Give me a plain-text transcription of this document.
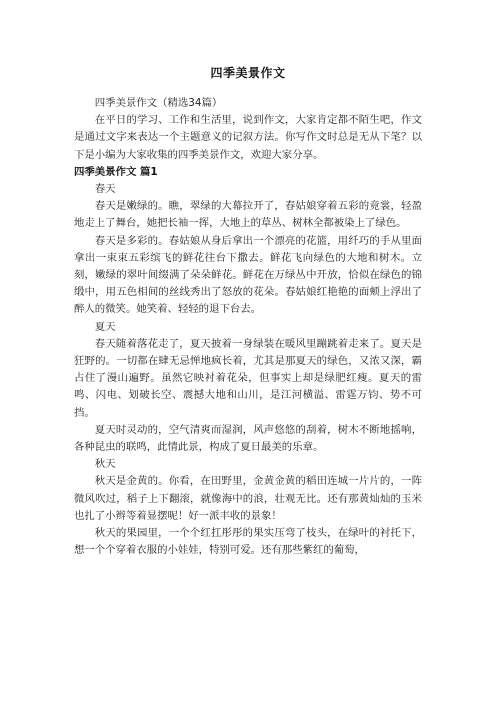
四季美景作文

四季美景作文（精选34篇）

在平日的学习、工作和生活里，说到作文，大家肯定都不陌生吧，作文是通过文字来表达一个主题意义的记叙方法。你写作文时总是无从下笔？以下是小编为大家收集的四季美景作文，欢迎大家分享。

四季美景作文 篇1

春天

春天是嫩绿的。瞧，翠绿的大幕拉开了，春姑娘穿着五彩的竟裳，轻盈地走上了舞台，她把长袖一挥，大地上的草丛、树林全都被染上了绿色。

春天是多彩的。春姑娘从身后拿出一个漂亮的花篮，用纤巧的手从里面拿出一束束五彩缤飞的鲜花往台下撒去。鲜花飞向绿色的大地和树木。立刻，嫩绿的翠叶间缀满了朵朵鲜花。鲜花在万绿丛中开放，恰似在绿色的锦缎中，用五色相间的丝线秀出了怒放的花朵。春姑娘红艳艳的面颊上浮出了醉人的微笑。她笑着、轻轻的退下台去。

夏天

春天随着落花走了，夏天披着一身绿装在暖风里蹦跳着走来了。夏天是狂野的。一切都在肆无忌惮地疯长着，尤其是那夏天的绿色，又浓又深，霸占住了漫山遍野。虽然它映衬着花朵，但事实上却是绿肥红瘦。夏天的雷鸣、闪电、划破长空、震撼大地和山川，是江河横溢、雷霆万钧、势不可挡。

夏天时灵动的，空气清爽而湿润，风声悠悠的刮着，树木不断地摇响，各种昆虫的联鸣，此情此景，构成了夏日最美的乐章。

秋天

秋天是金黄的。你看，在田野里，金黄金黄的稻田连城一片片的，一阵微风吹过，稻子上下翻滚，就像海中的浪，壮观无比。还有那黄灿灿的玉米也扎了小辫等着显摆呢！好一派丰收的景象！

秋天的果园里，一个个红扛彤彤的果实压弯了枝头，在绿叶的衬托下，想一个个穿着衣服的小娃娃，特别可爱。还有那些紫红的葡萄，
